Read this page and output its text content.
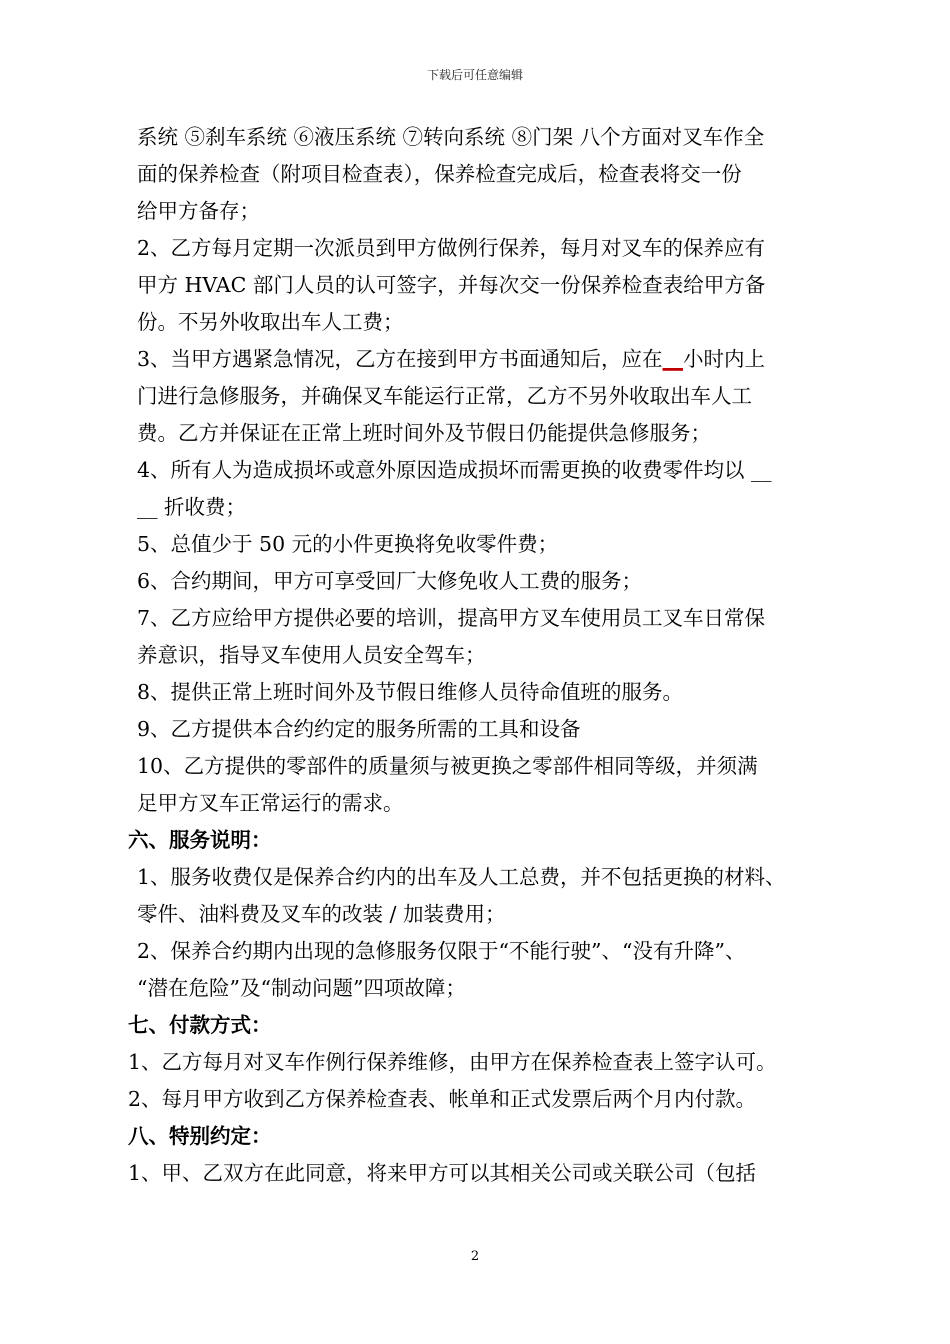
下载后可任意编辑
系统 ⑤刹车系统 ⑥液压系统 ⑦转向系统 ⑧门架 八个方面对叉车作全
面的保养检查（附项目检查表），保养检查完成后，检查表将交一份
给甲方备存；
2、乙方每月定期一次派员到甲方做例行保养，每月对叉车的保养应有
甲方 HVAC 部门人员的认可签字，并每次交一份保养检查表给甲方备
份。不另外收取出车人工费；
3、当甲方遇紧急情况，乙方在接到甲方书面通知后，应在__小时内上
门进行急修服务，并确保叉车能运行正常，乙方不另外收取出车人工
费。乙方并保证在正常上班时间外及节假日仍能提供急修服务；
4、所有人为造成损坏或意外原因造成损坏而需更换的收费零件均以 __
__ 折收费；
5、总值少于 50 元的小件更换将免收零件费；
6、合约期间，甲方可享受回厂大修免收人工费的服务；
7、乙方应给甲方提供必要的培训，提高甲方叉车使用员工叉车日常保
养意识，指导叉车使用人员安全驾车；
8、提供正常上班时间外及节假日维修人员待命值班的服务。
9、乙方提供本合约约定的服务所需的工具和设备
10、乙方提供的零部件的质量须与被更换之零部件相同等级，并须满
足甲方叉车正常运行的需求。
六、服务说明：
1、服务收费仅是保养合约内的出车及人工总费，并不包括更换的材料、
零件、油料费及叉车的改装 / 加装费用；
2、保养合约期内出现的急修服务仅限于“不能行驶”、“没有升降”、
“潜在危险”及“制动问题”四项故障；
七、付款方式：
1、乙方每月对叉车作例行保养维修，由甲方在保养检查表上签字认可。
2、每月甲方收到乙方保养检查表、帐单和正式发票后两个月内付款。
八、特别约定：
1、甲、乙双方在此同意，将来甲方可以其相关公司或关联公司（包括
2
